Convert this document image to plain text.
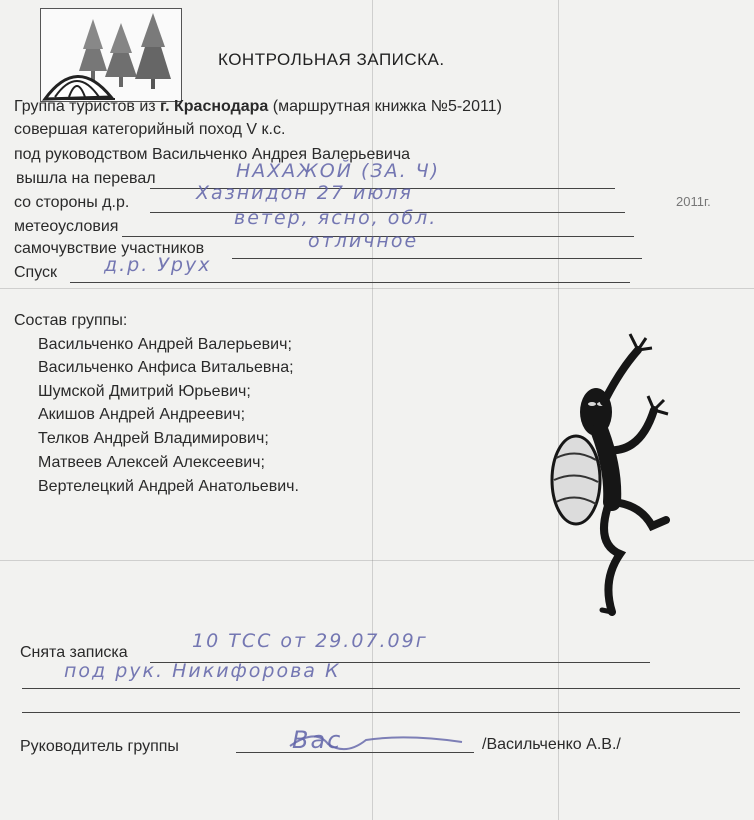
КОНТРОЛЬНАЯ ЗАПИСКА.
Группа туристов из г. Краснодара (маршрутная книжка №5-2011)
совершая категорийный поход V к.с.
под руководством Васильченко Андрея Валерьевича
вышла на перевал	НАХАЖОЙ (ЗА. Ч)
со стороны д.р.	Хазнидон 27 июля	2011г.
метеоусловия	ветер, ясно, обл.
самочувствие участников	отличное
Спуск д.р. Урух
Состав группы:
Васильченко Андрей Валерьевич;
Васильченко Анфиса Витальевна;
Шумской Дмитрий Юрьевич;
Акишов Андрей Андреевич;
Телков Андрей Владимирович;
Матвеев Алексей Алексеевич;
Вертелецкий Андрей Анатольевич.
Снята записка
10 ТСС от 29.07.09г
под рук. Никифорова К
Руководитель группы	Вас	/Васильченко А.В./
